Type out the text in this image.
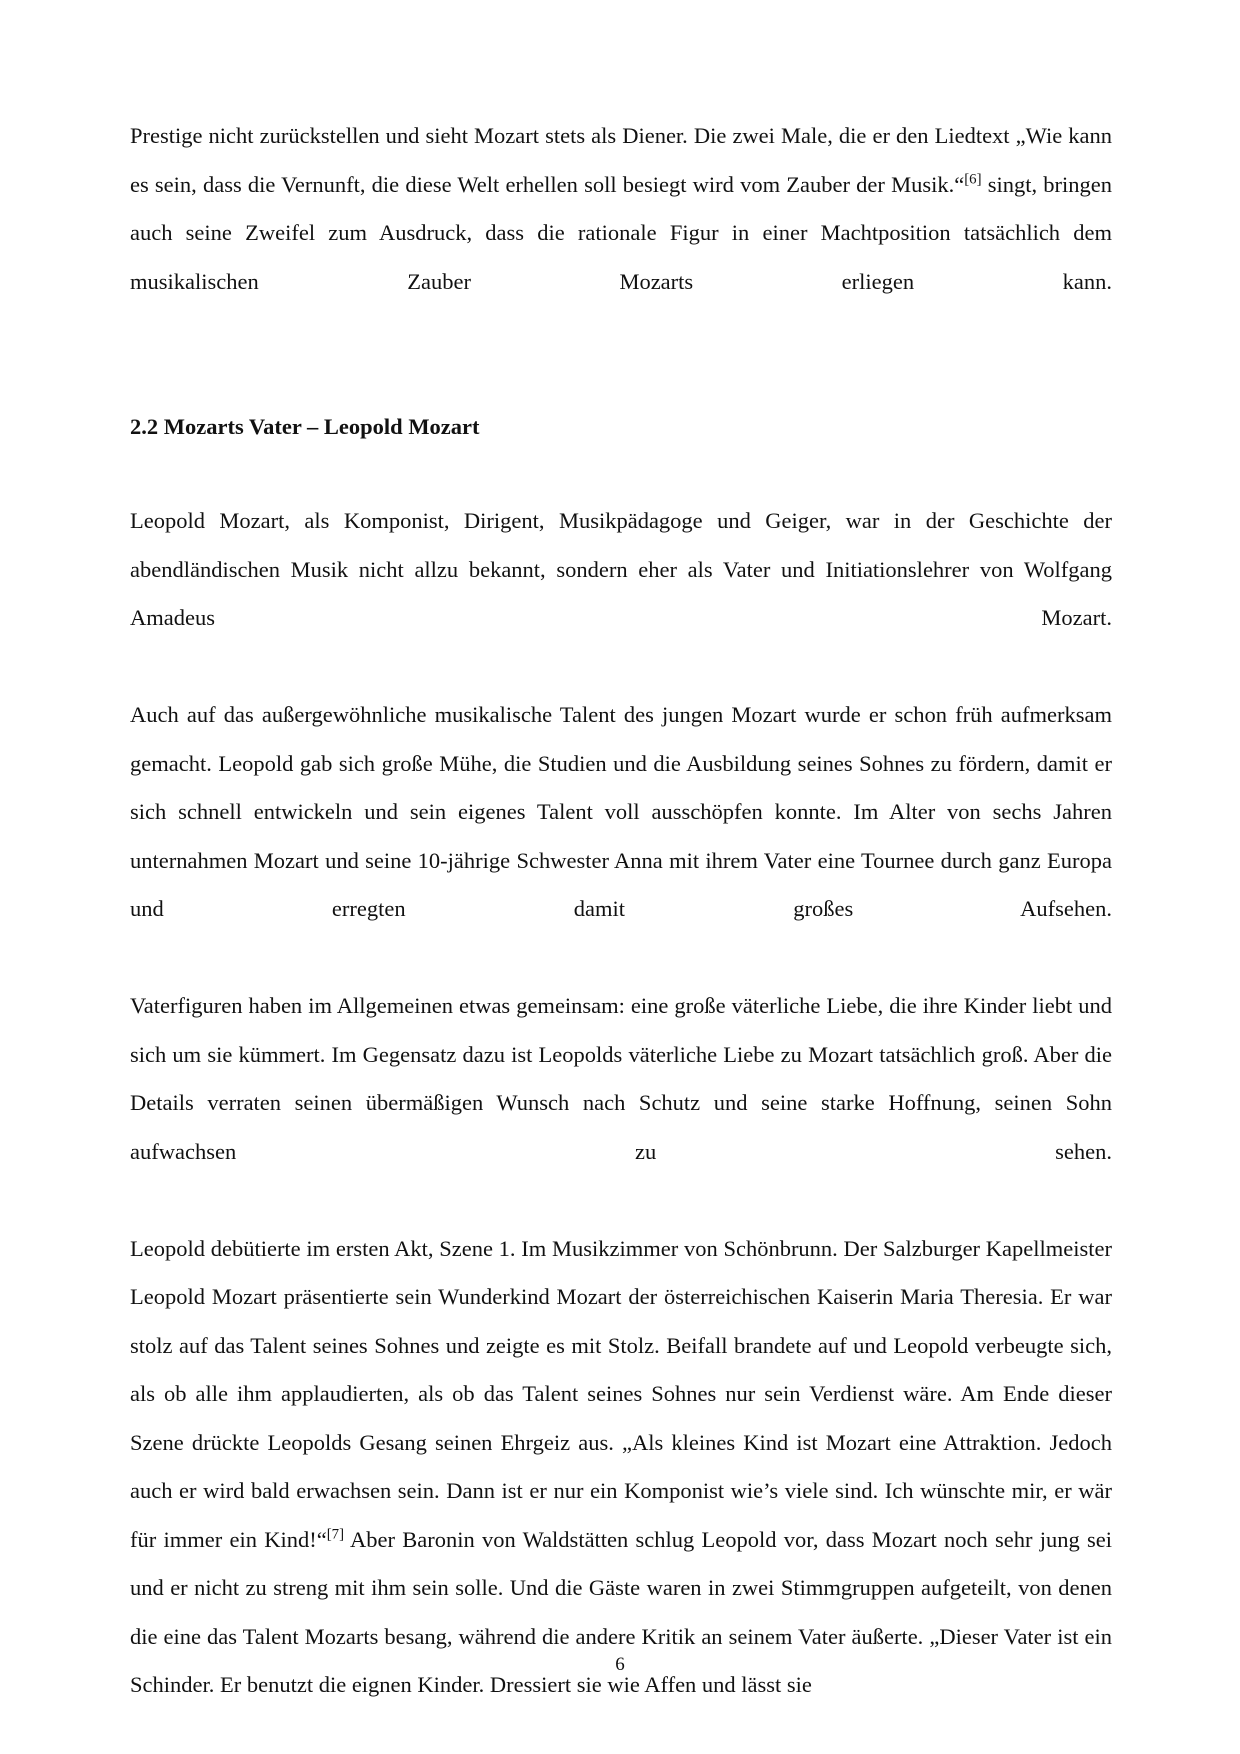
Prestige nicht zurückstellen und sieht Mozart stets als Diener. Die zwei Male, die er den Liedtext „Wie kann es sein, dass die Vernunft, die diese Welt erhellen soll besiegt wird vom Zauber der Musik.“[6] singt, bringen auch seine Zweifel zum Ausdruck, dass die rationale Figur in einer Machtposition tatsächlich dem musikalischen Zauber Mozarts erliegen kann.

2.2 Mozarts Vater – Leopold Mozart

Leopold Mozart, als Komponist, Dirigent, Musikpädagoge und Geiger, war in der Geschichte der abendländischen Musik nicht allzu bekannt, sondern eher als Vater und Initiationslehrer von Wolfgang Amadeus Mozart.

Auch auf das außergewöhnliche musikalische Talent des jungen Mozart wurde er schon früh aufmerksam gemacht. Leopold gab sich große Mühe, die Studien und die Ausbildung seines Sohnes zu fördern, damit er sich schnell entwickeln und sein eigenes Talent voll ausschöpfen konnte. Im Alter von sechs Jahren unternahmen Mozart und seine 10-jährige Schwester Anna mit ihrem Vater eine Tournee durch ganz Europa und erregten damit großes Aufsehen.

Vaterfiguren haben im Allgemeinen etwas gemeinsam: eine große väterliche Liebe, die ihre Kinder liebt und sich um sie kümmert. Im Gegensatz dazu ist Leopolds väterliche Liebe zu Mozart tatsächlich groß. Aber die Details verraten seinen übermäßigen Wunsch nach Schutz und seine starke Hoffnung, seinen Sohn aufwachsen zu sehen.

Leopold debütierte im ersten Akt, Szene 1. Im Musikzimmer von Schönbrunn. Der Salzburger Kapellmeister Leopold Mozart präsentierte sein Wunderkind Mozart der österreichischen Kaiserin Maria Theresia. Er war stolz auf das Talent seines Sohnes und zeigte es mit Stolz. Beifall brandete auf und Leopold verbeugte sich, als ob alle ihm applaudierten, als ob das Talent seines Sohnes nur sein Verdienst wäre. Am Ende dieser Szene drückte Leopolds Gesang seinen Ehrgeiz aus. „Als kleines Kind ist Mozart eine Attraktion. Jedoch auch er wird bald erwachsen sein. Dann ist er nur ein Komponist wie’s viele sind. Ich wünschte mir, er wär für immer ein Kind!“[7] Aber Baronin von Waldstätten schlug Leopold vor, dass Mozart noch sehr jung sei und er nicht zu streng mit ihm sein solle. Und die Gäste waren in zwei Stimmgruppen aufgeteilt, von denen die eine das Talent Mozarts besang, während die andere Kritik an seinem Vater äußerte. „Dieser Vater ist ein Schinder. Er benutzt die eignen Kinder. Dressiert sie wie Affen und lässt sie

6
